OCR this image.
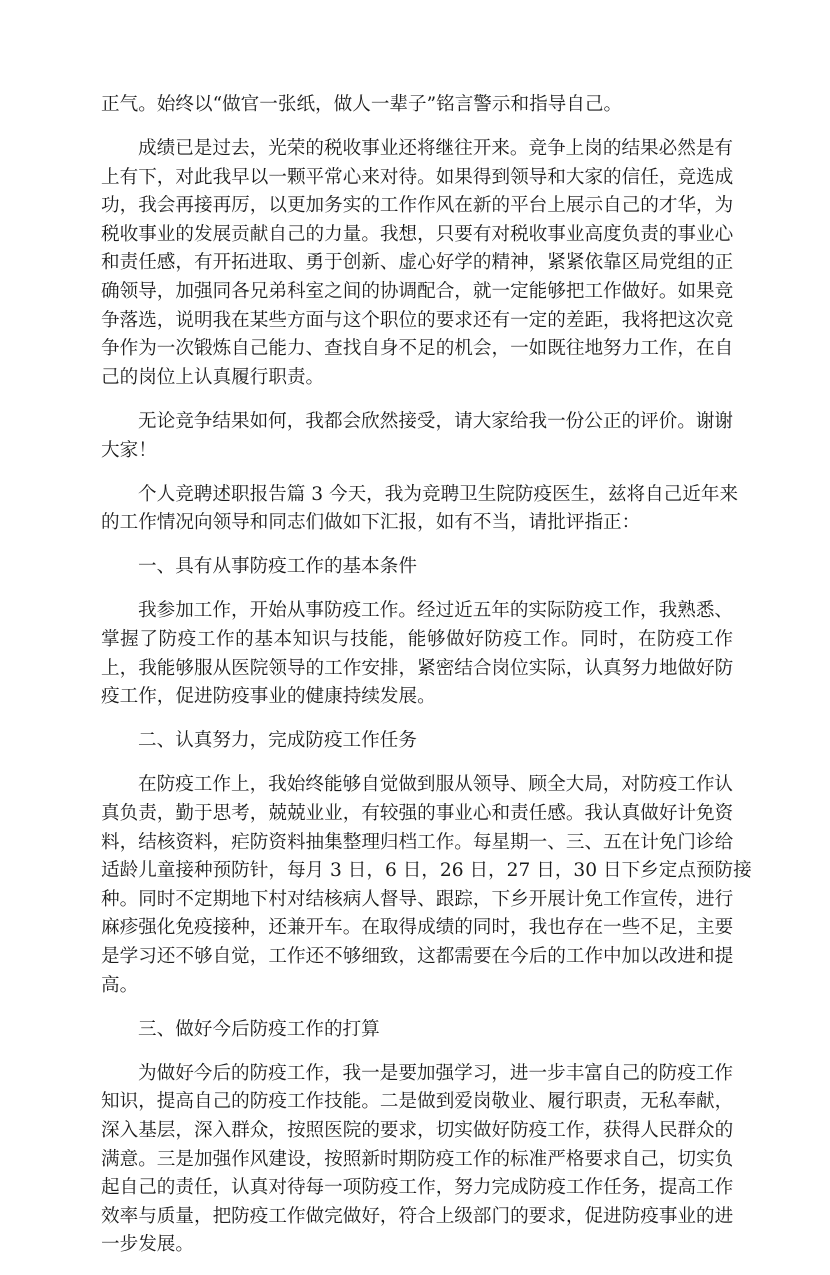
正气。始终以“做官一张纸，做人一辈子”铭言警示和指导自己。
成绩已是过去，光荣的税收事业还将继往开来。竞争上岗的结果必然是有
上有下，对此我早以一颗平常心来对待。如果得到领导和大家的信任，竞选成
功，我会再接再厉，以更加务实的工作作风在新的平台上展示自己的才华，为
税收事业的发展贡献自己的力量。我想，只要有对税收事业高度负责的事业心
和责任感，有开拓进取、勇于创新、虚心好学的精神，紧紧依靠区局党组的正
确领导，加强同各兄弟科室之间的协调配合，就一定能够把工作做好。如果竞
争落选，说明我在某些方面与这个职位的要求还有一定的差距，我将把这次竞
争作为一次锻炼自己能力、查找自身不足的机会，一如既往地努力工作，在自
己的岗位上认真履行职责。
无论竞争结果如何，我都会欣然接受，请大家给我一份公正的评价。谢谢
大家！
个人竞聘述职报告篇 3 今天，我为竞聘卫生院防疫医生，兹将自己近年来
的工作情况向领导和同志们做如下汇报，如有不当，请批评指正：
一、具有从事防疫工作的基本条件
我参加工作，开始从事防疫工作。经过近五年的实际防疫工作，我熟悉、
掌握了防疫工作的基本知识与技能，能够做好防疫工作。同时，在防疫工作
上，我能够服从医院领导的工作安排，紧密结合岗位实际，认真努力地做好防
疫工作，促进防疫事业的健康持续发展。
二、认真努力，完成防疫工作任务
在防疫工作上，我始终能够自觉做到服从领导、顾全大局，对防疫工作认
真负责，勤于思考，兢兢业业，有较强的事业心和责任感。我认真做好计免资
料，结核资料，疟防资料抽集整理归档工作。每星期一、三、五在计免门诊给
适龄儿童接种预防针，每月 3 日，6 日，26 日，27 日，30 日下乡定点预防接
种。同时不定期地下村对结核病人督导、跟踪，下乡开展计免工作宣传，进行
麻疹强化免疫接种，还兼开车。在取得成绩的同时，我也存在一些不足，主要
是学习还不够自觉，工作还不够细致，这都需要在今后的工作中加以改进和提
高。
三、做好今后防疫工作的打算
为做好今后的防疫工作，我一是要加强学习，进一步丰富自己的防疫工作
知识，提高自己的防疫工作技能。二是做到爱岗敬业、履行职责，无私奉献，
深入基层，深入群众，按照医院的要求，切实做好防疫工作，获得人民群众的
满意。三是加强作风建设，按照新时期防疫工作的标准严格要求自己，切实负
起自己的责任，认真对待每一项防疫工作，努力完成防疫工作任务，提高工作
效率与质量，把防疫工作做完做好，符合上级部门的要求，促进防疫事业的进
一步发展。
